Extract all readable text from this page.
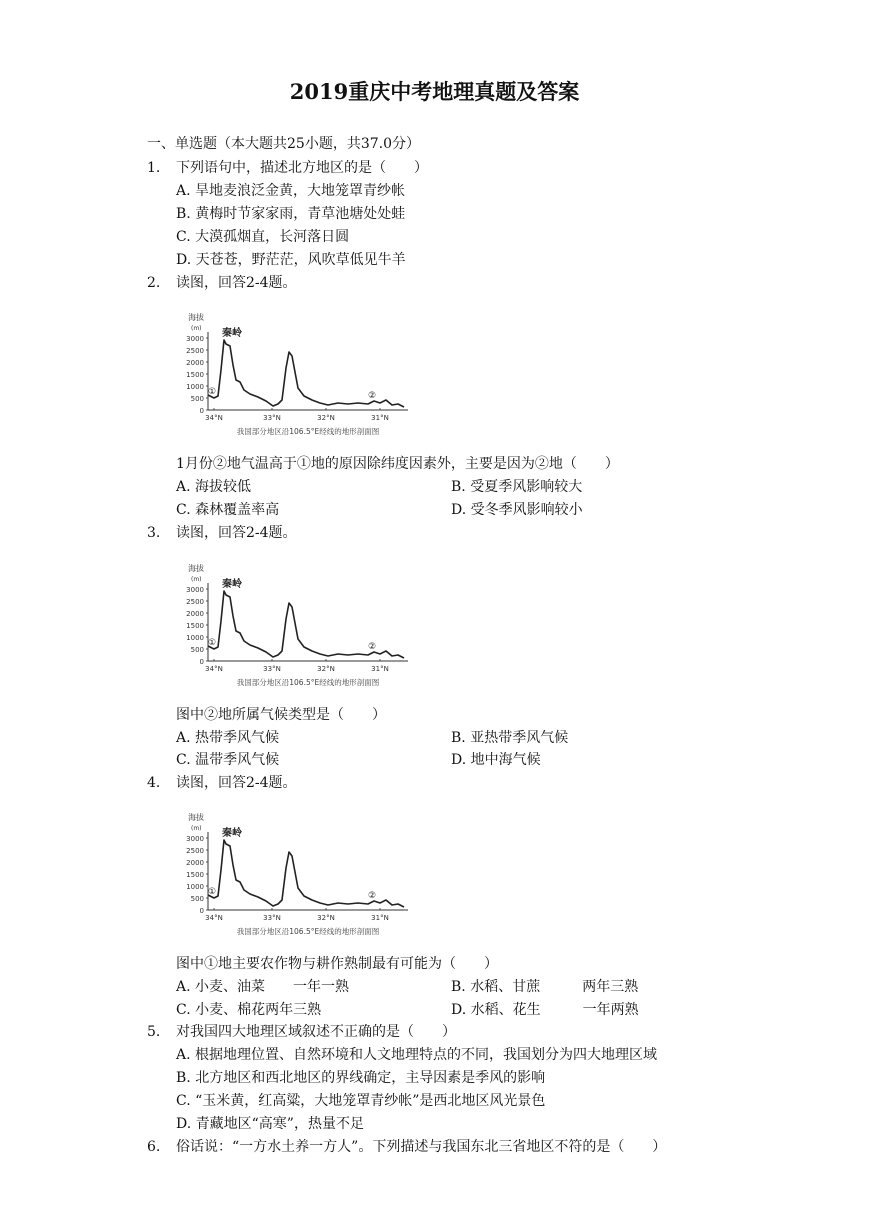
2019重庆中考地理真题及答案
一、单选题（本大题共25小题，共37.0分）
1. 下列语句中，描述北方地区的是（　　）
A. 旱地麦浪泛金黄，大地笼罩青纱帐
B. 黄梅时节家家雨，青草池塘处处蛙
C. 大漠孤烟直，长河落日圆
D. 天苍苍，野茫茫，风吹草低见牛羊
2. 读图，回答2-4题。
海拔
(m)
3000
2500
2000
1500
1000
500
0
34°N	33°N	32°N	31°N
秦岭
①	②
我国部分地区沿106.5°E经线的地形剖面图
1月份②地气温高于①地的原因除纬度因素外，主要是因为②地（　　）
A. 海拔较低	B. 受夏季风影响较大
C. 森林覆盖率高	D. 受冬季风影响较小
3. 读图，回答2-4题。
海拔
(m)
3000
2500
2000
1500
1000
500
0
34°N	33°N	32°N	31°N
秦岭
①	②
我国部分地区沿106.5°E经线的地形剖面图
图中②地所属气候类型是（　　）
A. 热带季风气候	B. 亚热带季风气候
C. 温带季风气候	D. 地中海气候
4. 读图，回答2-4题。
海拔
(m)
3000
2500
2000
1500
1000
500
0
34°N	33°N	32°N	31°N
秦岭
①	②
我国部分地区沿106.5°E经线的地形剖面图
图中①地主要农作物与耕作熟制最有可能为（　　）
A. 小麦、油菜　　一年一熟	B. 水稻、甘蔗　　　两年三熟
C. 小麦、棉花两年三熟	D. 水稻、花生　　　一年两熟
5. 对我国四大地理区域叙述不正确的是（　　）
A. 根据地理位置、自然环境和人文地理特点的不同，我国划分为四大地理区域
B. 北方地区和西北地区的界线确定，主导因素是季风的影响
C. “玉米黄，红高粱，大地笼罩青纱帐”是西北地区风光景色
D. 青藏地区“高寒”，热量不足
6. 俗话说：“一方水土养一方人”。下列描述与我国东北三省地区不符的是（　　）
